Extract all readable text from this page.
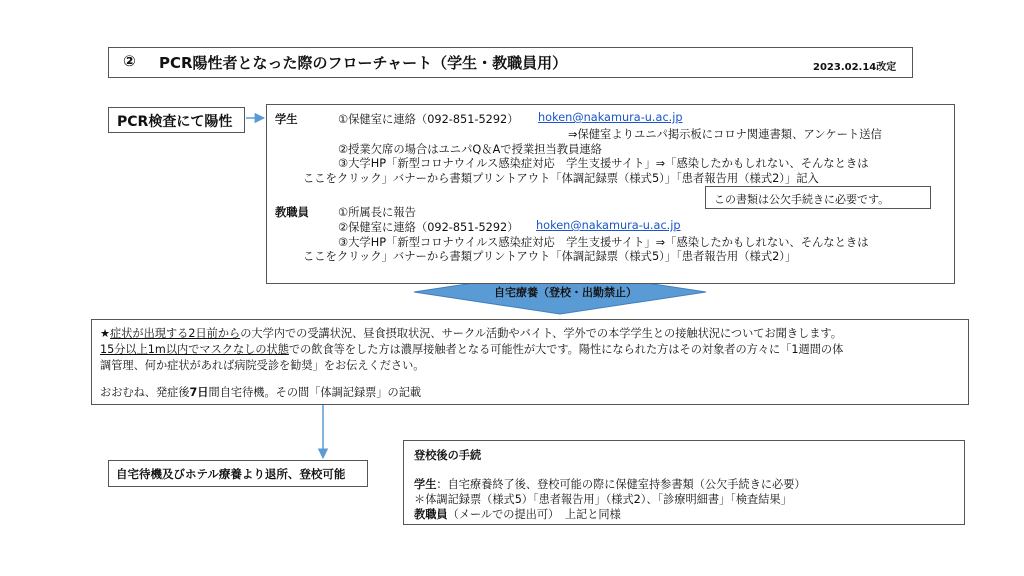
② PCR陽性者となった際のフローチャート（学生・教職員用）	2023.02.14改定
PCR検査にて陽性
自宅療養（登校・出勤禁止）
学生	①保健室に連絡（092-851-5292） hoken@nakamura-u.ac.jp
⇒保健室よりユニパ掲示板にコロナ関連書類、アンケート送信
②授業欠席の場合はユニパQ＆Aで授業担当教員連絡
③大学HP「新型コロナウイルス感染症対応　学生支援サイト」⇒「感染したかもしれない、そんなときは
ここをクリック」バナーから書類プリントアウト「体調記録票（様式5）」「患者報告用（様式2）」記入
教職員	①所属長に報告
②保健室に連絡（092-851-5292） hoken@nakamura-u.ac.jp
③大学HP「新型コロナウイルス感染症対応　学生支援サイト」⇒「感染したかもしれない、そんなときは
ここをクリック」バナーから書類プリントアウト「体調記録票（様式5）」「患者報告用（様式2）」
この書類は公欠手続きに必要です。
★症状が出現する2日前からの大学内での受講状況、昼食摂取状況、サークル活動やバイト、学外での本学学生との接触状況についてお聞きします。
15分以上1m以内でマスクなしの状態での飲食等をした方は濃厚接触者となる可能性が大です。陽性になられた方はその対象者の方々に「1週間の体
調管理、何か症状があれば病院受診を勧奨」をお伝えください。
おおむね、発症後7日間自宅待機。その間「体調記録票」の記載
自宅待機及びホテル療養より退所、登校可能
登校後の手続
学生：自宅療養終了後、登校可能の際に保健室持参書類（公欠手続きに必要）
＊体調記録票（様式5）「患者報告用」（様式2）、「診療明細書」「検査結果」
教職員（メールでの提出可）　上記と同様
